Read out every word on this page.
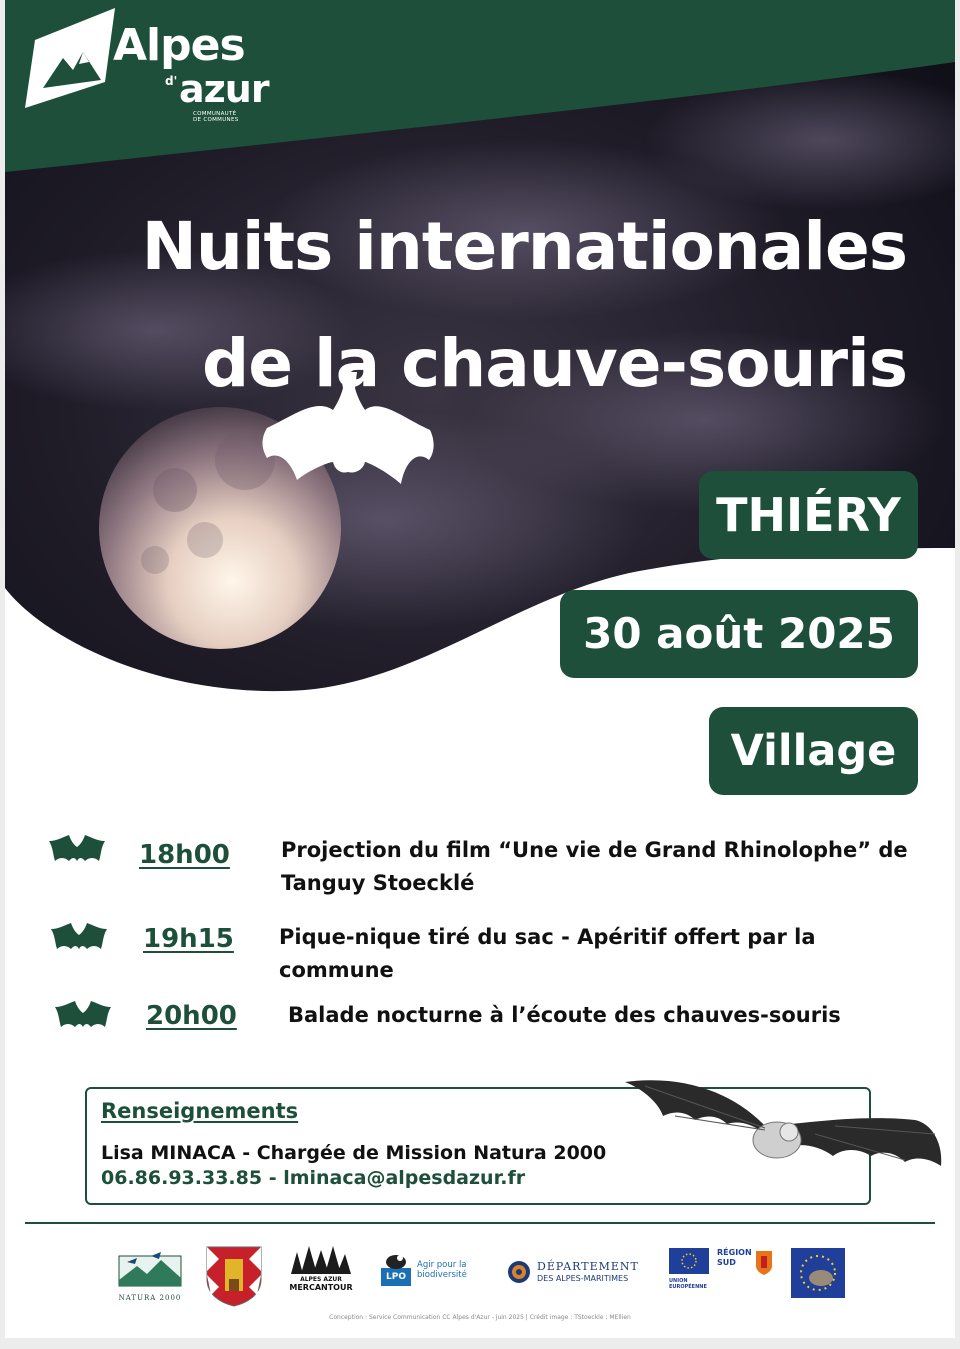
Alpes
d' azur
COMMUNAUTÉ DE COMMUNES
Nuits internationales
de la chauve-souris
THIÉRY
30 août 2025
Village
18h00 Projection du film “Une vie de Grand Rhinolophe” de Tanguy Stoecklé
19h15 Pique-nique tiré du sac - Apéritif offert par la commune
20h00 Balade nocturne à l’écoute des chauves-souris
Renseignements
Lisa MINACA - Chargée de Mission Natura 2000
06.86.93.33.85 - lminaca@alpesdazur.fr
NATURA 2000
ALPES AZUR
MERCANTOUR
LPO
Agir pour la biodiversité
DÉPARTEMENT
DES ALPES-MARITIMES	UNION EUROPÉENNE
RÉGION
SUD
Conception : Service Communication CC Alpes d'Azur - juin 2025 | Crédit image : TStoeckle ; MEllien
